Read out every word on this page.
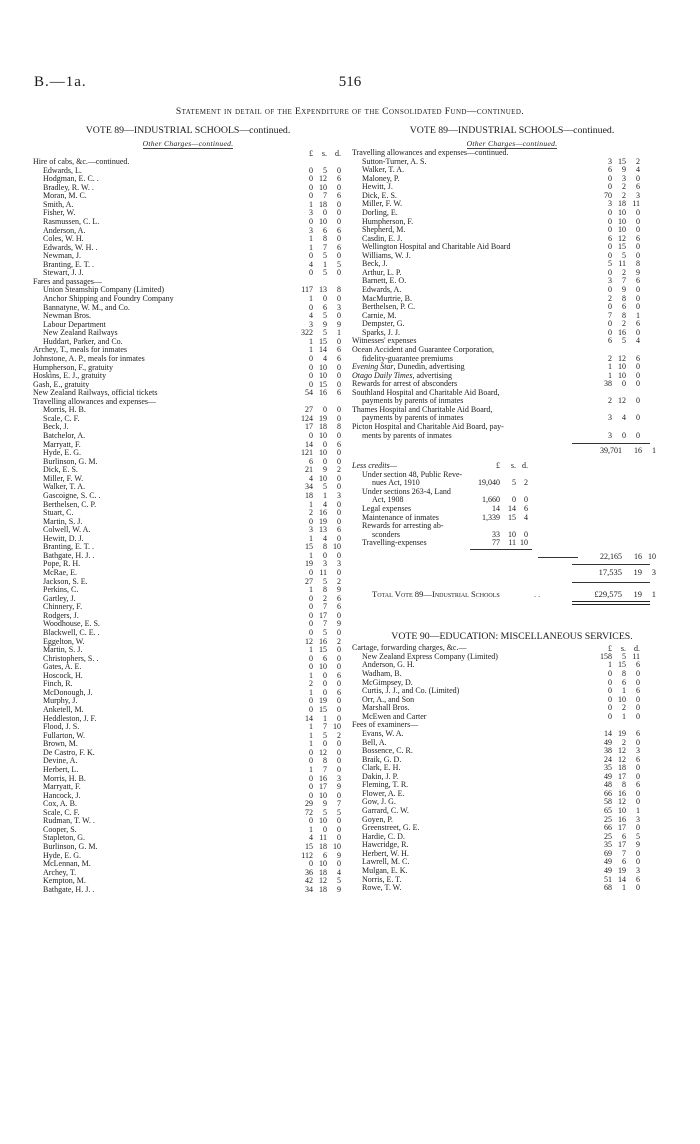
B.—1a.	516
Statement in detail of the Expenditure of the Consolidated Fund—continued.
VOTE 89—INDUSTRIAL SCHOOLS—continued.
Other Charges—continued.
£	s.	d.
Hire of cabs, &c.—continued.
Edwards, L.	0	5	0
Hodgman, E. C. .	0 12	6
Bradley, R. W. .	0 10	0
Moran, M. C.	0	7	6
Smith, A.	1 18	0
Fisher, W.	3	0	0
Rasmussen, C. L.	0 10	0
Anderson, A.	3	6	6
Coles, W. H.	1	8	0
Edwards, W. H. .	1	7	6
Newman, J.	0	5	0
Branting, E. T. .	4	1	5
Stewart, J. J.	0	5	0
Fares and passages—
Union Steamship Company (Limited)	117 13	8
Anchor Shipping and Foundry Company	1	0	0
Bannatyne, W. M., and Co.	0	6	3
Newman Bros.	4	5	0
Labour Department	3	9	9
New Zealand Railways	322	5	1
Huddart, Parker, and Co.	1 15	0
Archey, T., meals for inmates	1 14	6
Johnstone, A. P., meals for inmates	0	4	6
Humpherson, F., gratuity	0 10	0
Hoskins, E. J., gratuity	0 10	0
Gash, E., gratuity	0 15	0
New Zealand Railways, official tickets	54 16	6
Travelling allowances and expenses—
Morris, H. B.	27	0	0
Scale, C. F.	124 19	0
Beck, J.	17 18	8
Batchelor, A.	0 10	0
Marryatt, F.	14	0	6
Hyde, E. G.	121 10	0
Burlinson, G. M.	6	0	0
Dick, E. S.	21	9	2
Miller, F. W.	4 10	0
Walker, T. A.	34	5	0
Gascoigne, S. C. .	18	1	3
Berthelsen, C. P.	1	4	0
Stuart, C.	2 16	0
Martin, S. J.	0 19	0
Colwell, W. A.	3 13	6
Hewitt, D. J.	1	4	0
Branting, E. T. .	15	8 10
Bathgate, H. J. .	1	0	0
Pope, R. H.	19	3	3
McRae, E.	0 11	0
Jackson, S. E.	27	5	2
Perkins, C.	1	8	9
Gartley, J.	0	2	6
Chinnery, F.	0	7	6
Rodgers, J.	0 17	0
Woodhouse, E. S.	0	7	9
Blackwell, C. E. .	0	5	0
Eggelton, W.	12 16	2
Martin, S. J.	1 15	0
Christophers, S. .	0	6	0
Gates, A. E.	0 10	0
Hoscock, H.	1	0	6
Finch, R.	2	0	0
McDonough, J.	1	0	6
Murphy, J.	0 19	0
Anketell, M.	0 15	0
Heddleston, J. F.	14	1	0
Flood, J. S.	1	7 10
Fullarton, W.	1	5	2
Brown, M.	1	0	0
De Castro, F. K.	0 12	0
Devine, A.	0	8	0
Herbert, L.	1	7	0
Morris, H. B.	0 16	3
Marryatt, F.	0 17	9
Hancock, J.	0 10	0
Cox, A. B.	29	9	7
Scale, C. F.	72	5	5
Rudman, T. W. .	0 10	0
Cooper, S.	1	0	0
Stapleton, G.	4 11	0
Burlinson, G. M.	15 18 10
Hyde, E. G.	112	6	9
McLennan, M.	0 10	0
Archey, T.	36 18	4
Kempton, M.	42 12	5
Bathgate, H. J. .	34 18	9
VOTE 89—INDUSTRIAL SCHOOLS—continued.
Other Charges—continued.
Travelling allowances and expenses—continued.
Sutton-Turner, A. S.	3 15	2
Walker, T. A.	6	9	4
Maloney, P.	0	3	0
Hewitt, J.	0	2	6
Dick, E. S.	70	2	3
Miller, F. W.	3 18 11
Dorling, E.	0 10	0
Humpherson, F.	0 10	0
Shepherd, M.	0 10	0
Casdin, E. J.	6 12	6
Wellington Hospital and Charitable Aid Board	0 15	0
Williams, W. J.	0	5	0
Beck, J.	5 11	8
Arthur, L. P.	0	2	9
Barnett, E. O.	3	7	6
Edwards, A.	0	9	0
MacMurtrie, B.	2	8	0
Berthelsen, P. C.	0	6	0
Carnie, M.	7	8	1
Dempster, G.	0	2	6
Sparks, J. J.	0 16	0
Witnesses' expenses	6	5	4
Ocean Accident and Guarantee Corporation,
fidelity-guarantee premiums	2 12	6
Evening Star, Dunedin, advertising	1 10	0
Otago Daily Times, advertising	1 10	0
Rewards for arrest of absconders	38	0	0
Southland Hospital and Charitable Aid Board,
payments by parents of inmates	2 12	0
Thames Hospital and Charitable Aid Board,
payments by parents of inmates	3	4	0
Picton Hospital and Charitable Aid Board, pay-
ments by parents of inmates	3	0	0
39,701	16	1
Less credits—	£	s. d.
Under section 48, Public Reve-
nues Act, 1910	19,040	5	2
Under sections 263-4, Land
Act, 1908	1,660	0	0
Legal expenses	14	14	6
Maintenance of inmates	1,339	15	4
Rewards for arresting ab-
sconders	33	10	0
Travelling-expenses	77	11 10
22,165	16 10
17,535	19	3
Total Vote 89—Industrial Schools	..	£29,575	19	1
VOTE 90—EDUCATION: MISCELLANEOUS SERVICES.
£	s.	d.
Cartage, forwarding charges, &c.—
New Zealand Express Company (Limited)	158	5 11
Anderson, G. H.	1 15	6
Wadham, B.	0	8	0
McGimpsey, D.	0	6	0
Curtis, J. J., and Co. (Limited)	0	1	6
Orr, A., and Son	0 10	0
Marshall Bros.	0	2	0
McEwen and Carter	0	1	0
Fees of examiners—
Evans, W. A.	14 19	6
Bell, A.	49	2	0
Bossence, C. R.	38 12	3
Braik, G. D.	24 12	6
Clark, E. H.	35 18	0
Dakin, J. P.	49 17	0
Fleming, T. R.	48	8	6
Flower, A. E.	66 16	0
Gow, J. G.	58 12	0
Garrard, C. W.	65 10	1
Goyen, P.	25 16	3
Greenstreet, G. E.	66 17	0
Hardie, C. D.	25	6	5
Hawcridge, R.	35 17	9
Herbert, W. H.	69	7	0
Lawrell, M. C.	49	6	0
Mulgan, E. K.	49 19	3
Norris, E. T.	51 14	6
Rowe, T. W.	68	1	0
